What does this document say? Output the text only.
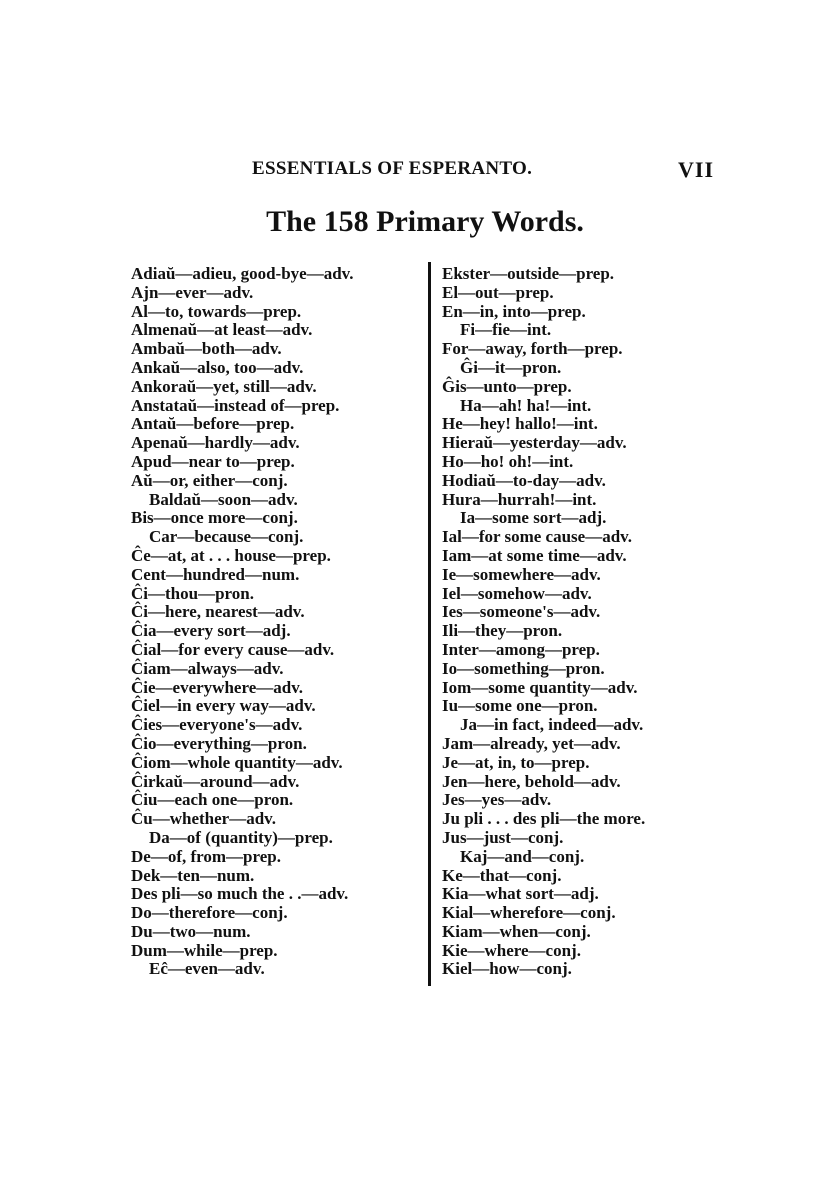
ESSENTIALS OF ESPERANTO.	VII
The 158 Primary Words.
Adiaŭ—adieu, good-bye—adv.
Ajn—ever—adv.
Al—to, towards—prep.
Almenaŭ—at least—adv.
Ambaŭ—both—adv.
Ankaŭ—also, too—adv.
Ankoraŭ—yet, still—adv.
Anstataŭ—instead of—prep.
Antaŭ—before—prep.
Apenaŭ—hardly—adv.
Apud—near to—prep.
Aŭ—or, either—conj.
Baldaŭ—soon—adv.
Bis—once more—conj.
Car—because—conj.
Ĉe—at, at . . . house—prep.
Cent—hundred—num.
Ĉi—thou—pron.
Ĉi—here, nearest—adv.
Ĉia—every sort—adj.
Ĉial—for every cause—adv.
Ĉiam—always—adv.
Ĉie—everywhere—adv.
Ĉiel—in every way—adv.
Ĉies—everyone's—adv.
Ĉio—everything—pron.
Ĉiom—whole quantity—adv.
Ĉirkaŭ—around—adv.
Ĉiu—each one—pron.
Ĉu—whether—adv.
Da—of (quantity)—prep.
De—of, from—prep.
Dek—ten—num.
Des pli—so much the . .—adv.
Do—therefore—conj.
Du—two—num.
Dum—while—prep.
Eĉ—even—adv.
Ekster—outside—prep.
El—out—prep.
En—in, into—prep.
Fi—fie—int.
For—away, forth—prep.
Ĝi—it—pron.
Ĝis—unto—prep.
Ha—ah! ha!—int.
He—hey! hallo!—int.
Hieraŭ—yesterday—adv.
Ho—ho! oh!—int.
Hodiaŭ—to-day—adv.
Hura—hurrah!—int.
Ia—some sort—adj.
Ial—for some cause—adv.
Iam—at some time—adv.
Ie—somewhere—adv.
Iel—somehow—adv.
Ies—someone's—adv.
Ili—they—pron.
Inter—among—prep.
Io—something—pron.
Iom—some quantity—adv.
Iu—some one—pron.
Ja—in fact, indeed—adv.
Jam—already, yet—adv.
Je—at, in, to—prep.
Jen—here, behold—adv.
Jes—yes—adv.
Ju pli . . . des pli—the more.
Jus—just—conj.
Kaj—and—conj.
Ke—that—conj.
Kia—what sort—adj.
Kial—wherefore—conj.
Kiam—when—conj.
Kie—where—conj.
Kiel—how—conj.
